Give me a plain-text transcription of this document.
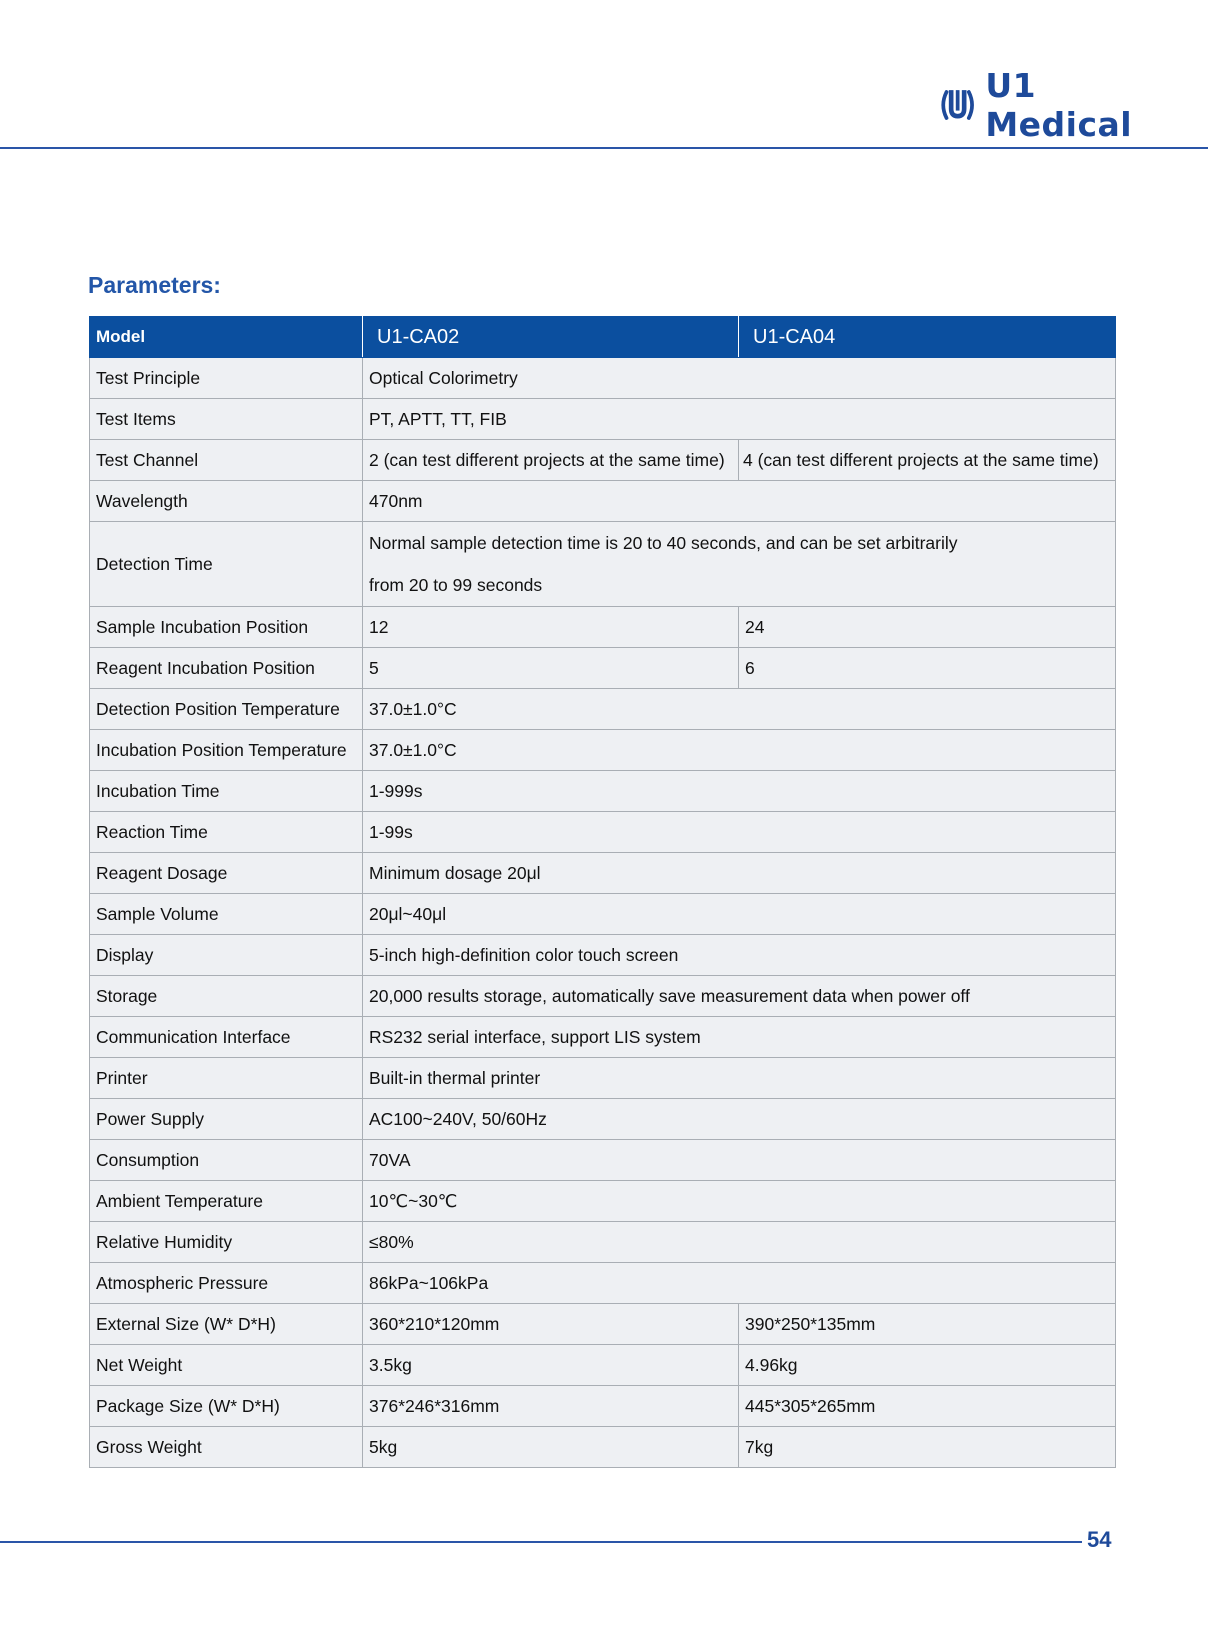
U1 Medical
Parameters:
Model	U1-CA02	U1-CA04
Test Principle	Optical Colorimetry	
Test Items	PT, APTT, TT, FIB	
Test Channel	2 (can test different projects at the same time)	4 (can test different projects at the same time)
Wavelength	470nm	
Detection Time	Normal sample detection time is 20 to 40 seconds, and can be set arbitrarily
from 20 to 99 seconds	

Sample Incubation Position	12	24
Reagent Incubation Position	5	6
Detection Position Temperature	37.0±1.0°C	
Incubation Position Temperature	37.0±1.0°C	
Incubation Time	1-999s	
Reaction Time	1-99s	
Reagent Dosage	Minimum dosage 20μl	
Sample Volume	20μl~40μl	
Display	5-inch high-definition color touch screen	
Storage	20,000 results storage, automatically save measurement data when power off	
Communication Interface	RS232 serial interface, support LIS system	
Printer	Built-in thermal printer	
Power Supply	AC100~240V, 50/60Hz	
Consumption	70VA	
Ambient Temperature	10℃~30℃	
Relative Humidity	≤80%	
Atmospheric Pressure	86kPa~106kPa	
External Size (W* D*H)	360*210*120mm	390*250*135mm
Net Weight	3.5kg	4.96kg
Package Size (W* D*H)	376*246*316mm	445*305*265mm
Gross Weight	5kg	7kg
54
